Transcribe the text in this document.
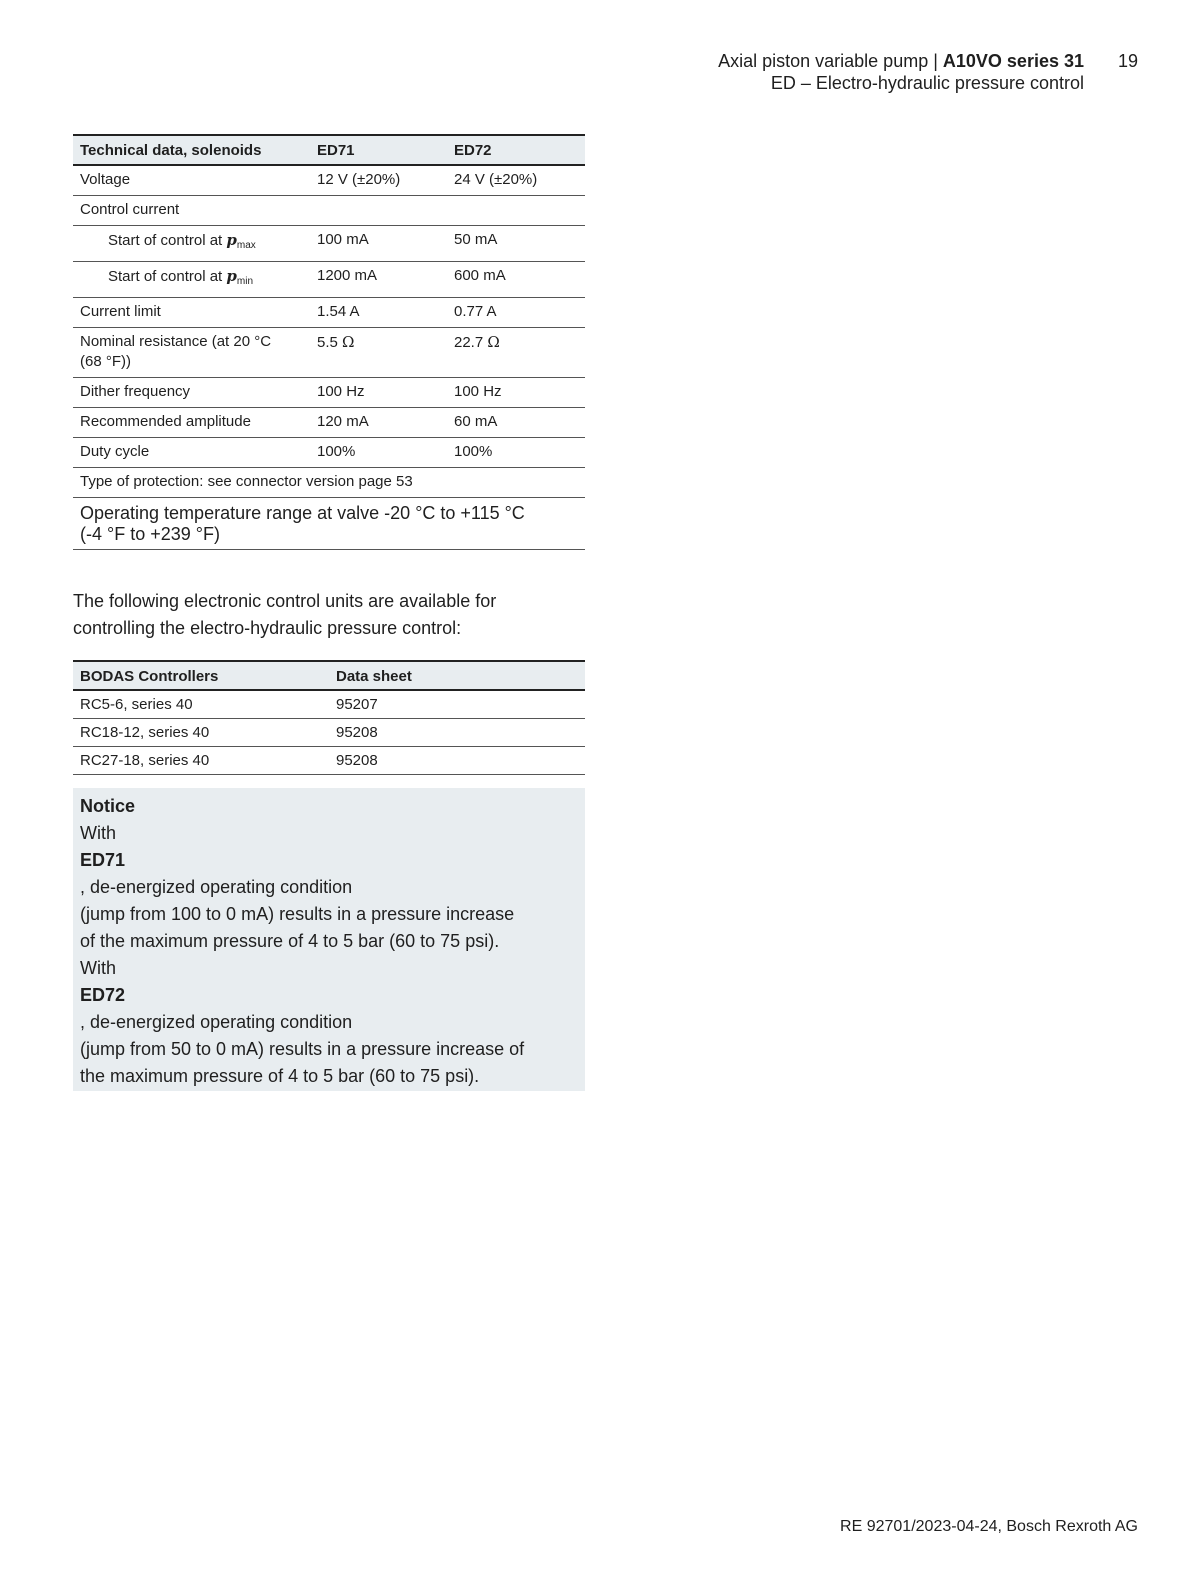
Axial piston variable pump | A10VO series 31
ED – Electro-hydraulic pressure control
19
Technical data, solenoids	ED71	ED72
Voltage	12 V (±20%)	24 V (±20%)
Control current		
Start of control at $p_{max}$	100 mA	50 mA
Start of control at $p_{min}$	1200 mA	600 mA
Current limit	1.54 A	0.77 A

Nominal resistance (at 20 °C
(68 °F))	5.5 Ω	22.7 Ω
Dither frequency	100 Hz	100 Hz
Recommended amplitude	120 mA	60 mA
Duty cycle	100%	100%
Type of protection: see connector version page 53		

Operating temperature range at valve -20 °C to +115 °C
(-4 °F to +239 °F)		

The following electronic control units are available for
controlling the electro-hydraulic pressure control:

BODAS Controllers	Data sheet
RC5-6, series 40	95207
RC18-12, series 40	95208
RC27-18, series 40	95208
Notice
With
ED71
, de-energized operating condition
(jump from 100 to 0 mA) results in a pressure increase
of the maximum pressure of 4 to 5 bar (60 to 75 psi).
With
ED72
, de-energized operating condition
(jump from 50 to 0 mA) results in a pressure increase of
the maximum pressure of 4 to 5 bar (60 to 75 psi).
RE 92701/2023-04-24, Bosch Rexroth AG
